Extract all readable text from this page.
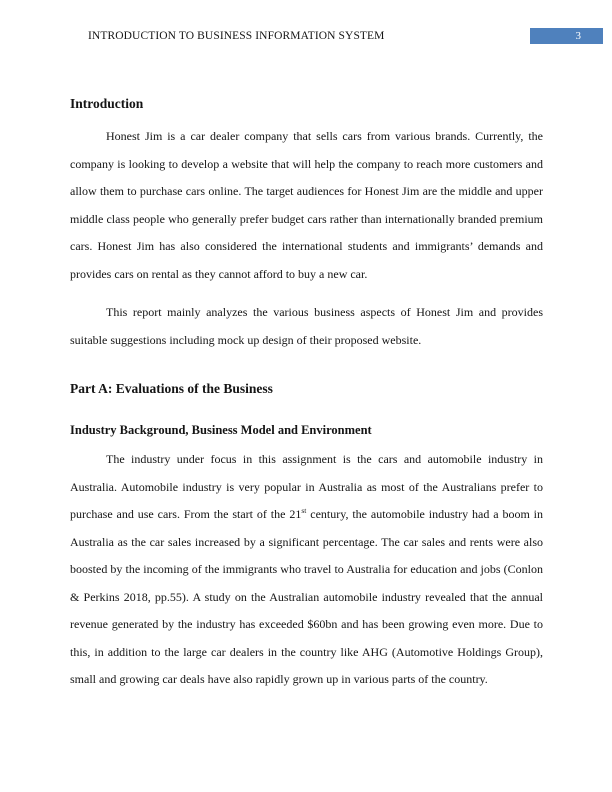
INTRODUCTION TO BUSINESS INFORMATION SYSTEM	3
Introduction

Honest Jim is a car dealer company that sells cars from various brands. Currently, the company is looking to develop a website that will help the company to reach more customers and allow them to purchase cars online. The target audiences for Honest Jim are the middle and upper middle class people who generally prefer budget cars rather than internationally branded premium cars. Honest Jim has also considered the international students and immigrants’ demands and provides cars on rental as they cannot afford to buy a new car.

This report mainly analyzes the various business aspects of Honest Jim and provides suitable suggestions including mock up design of their proposed website.

Part A: Evaluations of the Business
Industry Background, Business Model and Environment

The industry under focus in this assignment is the cars and automobile industry in Australia. Automobile industry is very popular in Australia as most of the Australians prefer to purchase and use cars. From the start of the 21st century, the automobile industry had a boom in Australia as the car sales increased by a significant percentage. The car sales and rents were also boosted by the incoming of the immigrants who travel to Australia for education and jobs (Conlon & Perkins 2018, pp.55). A study on the Australian automobile industry revealed that the annual revenue generated by the industry has exceeded $60bn and has been growing even more. Due to this, in addition to the large car dealers in the country like AHG (Automotive Holdings Group), small and growing car deals have also rapidly grown up in various parts of the country.
